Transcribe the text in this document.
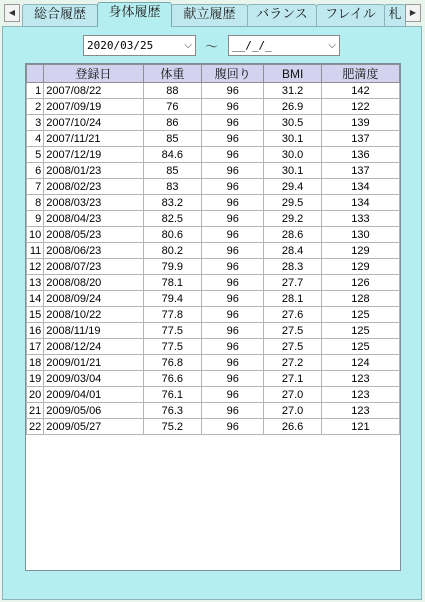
◀	総合履歴	身体履歴	献立履歴	バランス	フレイル 札	▶
2020/03/25	⌵ ～	__/_/_	⌵
	登録日	体重	腹回り	BMI	肥満度
1	2007/08/22	88	96	31.2	142
2	2007/09/19	76	96	26.9	122
3	2007/10/24	86	96	30.5	139
4	2007/11/21	85	96	30.1	137
5	2007/12/19	84.6	96	30.0	136
6	2008/01/23	85	96	30.1	137
7	2008/02/23	83	96	29.4	134
8	2008/03/23	83.2	96	29.5	134
9	2008/04/23	82.5	96	29.2	133
10	2008/05/23	80.6	96	28.6	130
11	2008/06/23	80.2	96	28.4	129
12	2008/07/23	79.9	96	28.3	129
13	2008/08/20	78.1	96	27.7	126
14	2008/09/24	79.4	96	28.1	128
15	2008/10/22	77.8	96	27.6	125
16	2008/11/19	77.5	96	27.5	125
17	2008/12/24	77.5	96	27.5	125
18	2009/01/21	76.8	96	27.2	124
19	2009/03/04	76.6	96	27.1	123
20	2009/04/01	76.1	96	27.0	123
21	2009/05/06	76.3	96	27.0	123
22	2009/05/27	75.2	96	26.6	121
